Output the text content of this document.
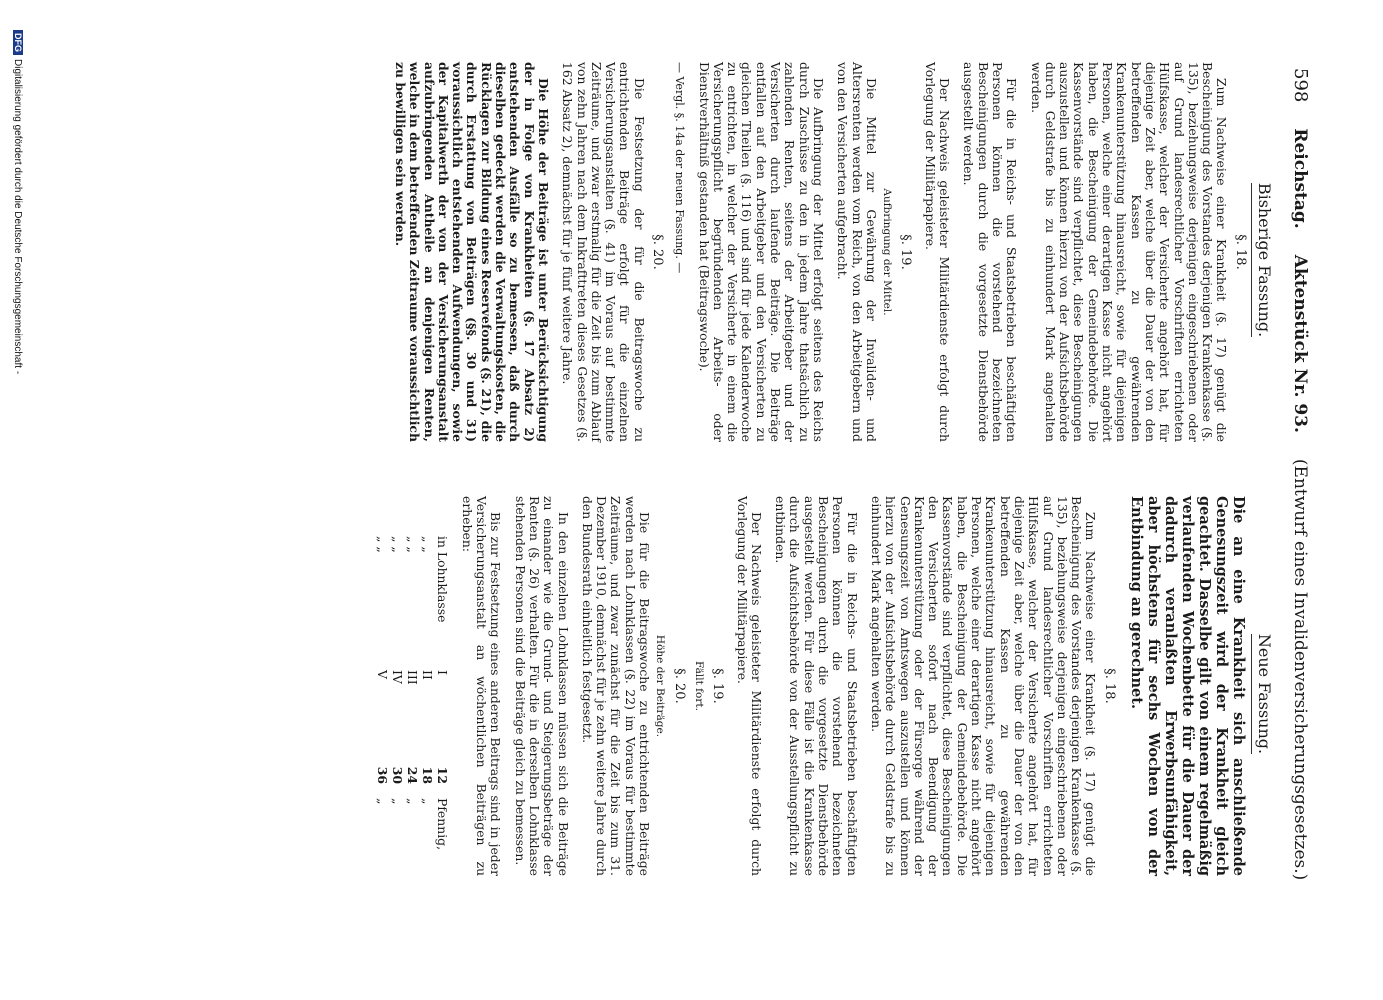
598
Reichstag.
Aktenstück Nr. 93.
(Entwurf eines Invalidenversicherungsgesetzes.)

Bisherige Fassung.

§. 18.

Zum Nachweise einer Krankheit (§. 17) genügt die Bescheinigung des Vorstandes derjenigen Krankenkasse (§. 135), beziehungsweise derjenigen eingeschriebenen oder auf Grund landesrechtlicher Vorschriften errichteten Hülfskasse, welcher der Versicherte angehört hat, für diejenige Zeit aber, welche über die Dauer der von den betreffenden Kassen zu gewährenden Krankenunterstützung hinausreicht, sowie für diejenigen Personen, welche einer derartigen Kasse nicht angehört haben, die Bescheinigung der Gemeindebehörde. Die Kassenvorstände sind verpflichtet, diese Bescheinigungen auszustellen und können hierzu von der Aufsichtsbehörde durch Geldstrafe bis zu einhundert Mark angehalten werden.

Für die in Reichs- und Staatsbetrieben beschäftigten Personen können die vorstehend bezeichneten Bescheinigungen durch die vorgesetzte Dienstbehörde ausgestellt werden.

Der Nachweis geleisteter Militärdienste erfolgt durch Vorlegung der Militärpapiere.

§. 19.
Aufbringung der Mittel.

Die Mittel zur Gewährung der Invaliden- und Altersrenten werden vom Reich, von den Arbeitgebern und von den Versicherten aufgebracht.

Die Aufbringung der Mittel erfolgt seitens des Reichs durch Zuschüsse zu den in jedem Jahre thatsächlich zu zahlenden Renten, seitens der Arbeitgeber und der Versicherten durch laufende Beiträge. Die Beiträge entfallen auf den Arbeitgeber und den Versicherten zu gleichen Theilen (§. 116) und sind für jede Kalenderwoche zu entrichten, in welcher der Versicherte in einem die Versicherungspflicht begründenden Arbeits- oder Dienstverhältniß gestanden hat (Beitragswoche).

— Vergl. §. 14a der neuen Fassung. —
§. 20.

Die Festsetzung der für die Beitragswoche zu entrichtenden Beiträge erfolgt für die einzelnen Versicherungsanstalten (§. 41) im Voraus auf bestimmte Zeiträume, und zwar erstmalig für die Zeit bis zum Ablauf von zehn Jahren nach dem Inkrafttreten dieses Gesetzes (§. 162 Absatz 2), demnächst für je fünf weitere Jahre.

Die Höhe der Beiträge ist unter Berücksichtigung der in Folge von Krankheiten (§. 17 Absatz 2) entstehenden Ausfälle so zu bemessen, daß durch dieselben gedeckt werden die Verwaltungskosten, die Rücklagen zur Bildung eines Reservefonds (§. 21), die durch Erstattung von Beiträgen (§§. 30 und 31) voraussichtlich entstehenden Aufwendungen, sowie der Kapitalwerth der von der Versicherungsanstalt aufzubringenden Antheile an denjenigen Renten, welche in dem betreffenden Zeitraume voraussichtlich zu bewilligen sein werden.

Neue Fassung.

Die an eine Krankheit sich anschließende Genesungszeit wird der Krankheit gleich geachtet. Dasselbe gilt von einem regelmäßig verlaufenden Wochenbette für die Dauer der dadurch veranlaßten Erwerbsunfähigkeit, aber höchstens für sechs Wochen von der Entbindung an gerechnet.
§. 18.

Zum Nachweise einer Krankheit (§. 17) genügt die Bescheinigung des Vorstandes derjenigen Krankenkasse (§. 135), beziehungsweise derjenigen eingeschriebenen oder auf Grund landesrechtlicher Vorschriften errichteten Hülfskasse, welcher der Versicherte angehört hat, für diejenige Zeit aber, welche über die Dauer der von den betreffenden Kassen zu gewährenden Krankenunterstützung hinausreicht, sowie für diejenigen Personen, welche einer derartigen Kasse nicht angehört haben, die Bescheinigung der Gemeindebehörde. Die Kassenvorstände sind verpflichtet, diese Bescheinigungen den Versicherten sofort nach Beendigung der Krankenunterstützung oder der Fürsorge während der Genesungszeit von Amtswegen auszustellen und können hierzu von der Aufsichtsbehörde durch Geldstrafe bis zu einhundert Mark angehalten werden.

Für die in Reichs- und Staatsbetrieben beschäftigten Personen können die vorstehend bezeichneten Bescheinigungen durch die vorgesetzte Dienstbehörde ausgestellt werden. Für diese Fälle ist die Krankenkasse durch die Aufsichtsbehörde von der Ausstellungspflicht zu entbinden.

Der Nachweis geleisteter Militärdienste erfolgt durch Vorlegung der Militärpapiere.

§. 19.
Fällt fort.
§. 20.
Höhe der Beiträge.

Die für die Beitragswoche zu entrichtenden Beiträge werden nach Lohnklassen (§. 22) im Voraus für bestimmte Zeiträume, und zwar zunächst für die Zeit bis zum 31. Dezember 1910, demnächst für je zehn weitere Jahre durch den Bundesrath einheitlich festgesetzt.

In den einzelnen Lohnklassen müssen sich die Beiträge zu einander wie die Grund- und Steigerungsbeträge der Renten (§. 26) verhalten. Für die in derselben Lohnklasse stehenden Personen sind die Beiträge gleich zu bemessen.

Bis zur Festsetzung eines anderen Beitrags sind in jeder Versicherungsanstalt an wöchentlichen Beiträgen zu erheben:

in Lohnklasse
I
12
Pfennig,
„ „
II
18
„
„ „
III
24
„
„ „
IV
30
„
„ „
V
36
„
DFGDigitalisierung gefördert durch die Deutsche Forschungsgemeinschaft -
